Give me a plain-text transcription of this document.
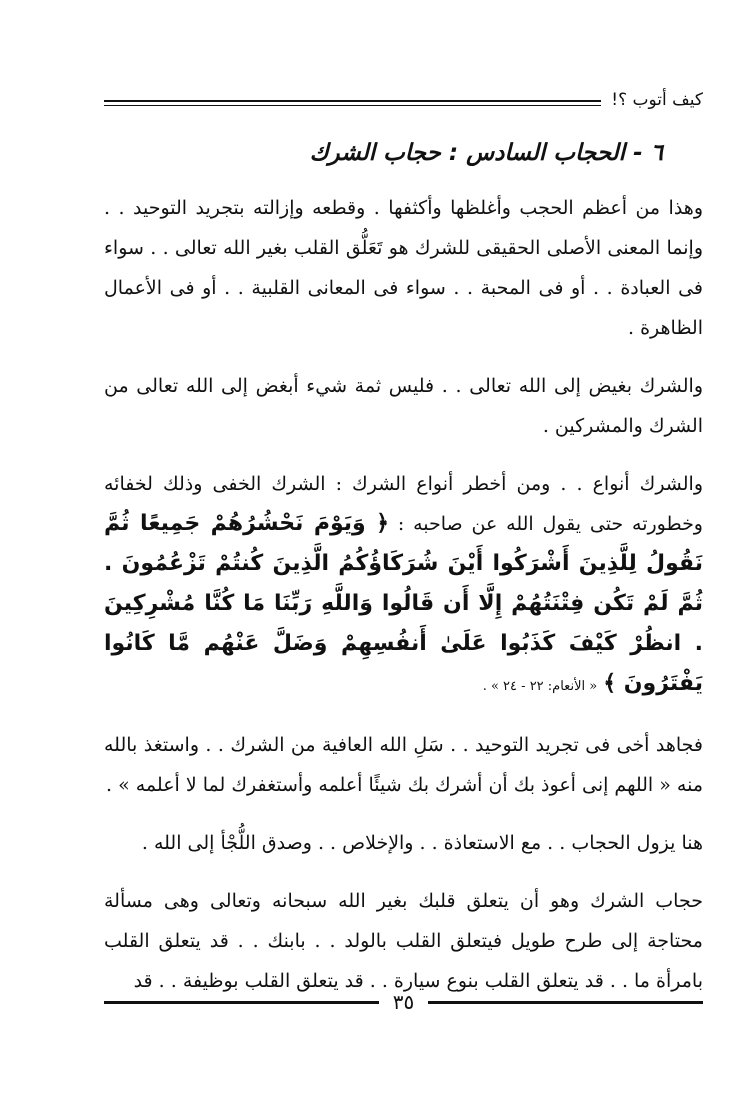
كيف أتوب ؟!
٦ - الحجاب السادس : حجاب الشرك

وهذا من أعظم الحجب وأغلظها وأكثفها . وقطعه وإزالته بتجريد التوحيد . . وإنما المعنى الأصلى الحقيقى للشرك هو تَعَلُّق القلب بغير الله تعالى . . سواء فى العبادة . . أو فى المحبة . . سواء فى المعانى القلبية . . أو فى الأعمال الظاهرة .

والشرك بغيض إلى الله تعالى . . فليس ثمة شيء أبغض إلى الله تعالى من الشرك والمشركين .

والشرك أنواع . . ومن أخطر أنواع الشرك : الشرك الخفى وذلك لخفائه وخطورته حتى يقول الله عن صاحبه : ﴿ وَيَوْمَ نَحْشُرُهُمْ جَمِيعًا ثُمَّ نَقُولُ لِلَّذِينَ أَشْرَكُوا أَيْنَ شُرَكَاؤُكُمُ الَّذِينَ كُنتُمْ تَزْعُمُونَ . ثُمَّ لَمْ تَكُن فِتْنَتُهُمْ إِلَّا أَن قَالُوا وَاللَّهِ رَبِّنَا مَا كُنَّا مُشْرِكِينَ . انظُرْ كَيْفَ كَذَبُوا عَلَىٰ أَنفُسِهِمْ وَضَلَّ عَنْهُم مَّا كَانُوا يَفْتَرُونَ ﴾ « الأنعام: ٢٢ - ٢٤ » .

فجاهد أخى فى تجريد التوحيد . . سَلِ الله العافية من الشرك . . واستغذ بالله منه « اللهم إنى أعوذ بك أن أشرك بك شيئًا أعلمه وأستغفرك لما لا أعلمه » .

هنا يزول الحجاب . . مع الاستعاذة . . والإخلاص . . وصدق اللُّجْأ إلى الله .

حجاب الشرك وهو أن يتعلق قلبك بغير الله سبحانه وتعالى وهى مسألة محتاجة إلى طرح طويل فيتعلق القلب بالولد . . بابنك . . قد يتعلق القلب بامرأة ما . . قد يتعلق القلب بنوع سيارة . . قد يتعلق القلب بوظيفة . . قد

٣٥
